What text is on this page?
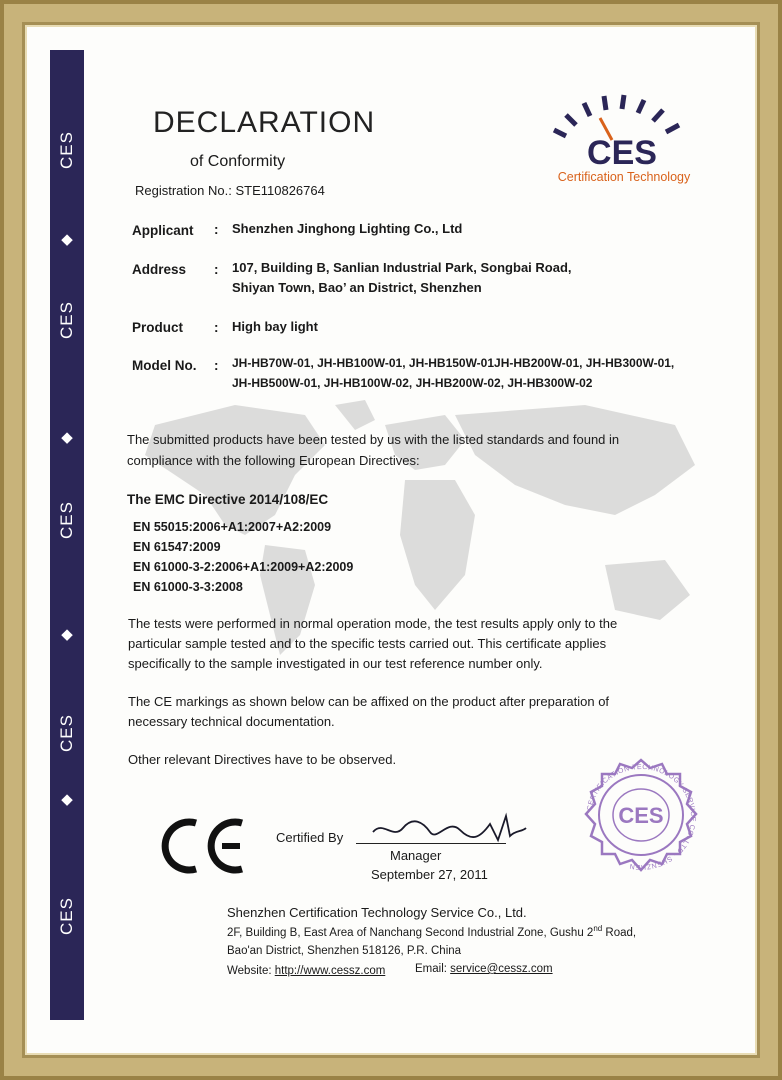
CES
◆
CES
◆
CES
◆
CES
◆
CES
DECLARATION
of Conformity
Registration No.: STE110826764
CES
Certification Technology
Applicant : Shenzhen Jinghong Lighting Co., Ltd
Address : 107, Building B, Sanlian Industrial Park, Songbai Road,
Shiyan Town, Bao’ an District, Shenzhen
Product : High bay light
Model No. : JH-HB70W-01, JH-HB100W-01, JH-HB150W-01JH-HB200W-01, JH-HB300W-01,
JH-HB500W-01, JH-HB100W-02, JH-HB200W-02, JH-HB300W-02
The submitted products have been tested by us with the listed standards and found in
compliance with the following European Directives:
The EMC Directive 2014/108/EC
EN 55015:2006+A1:2007+A2:2009
EN 61547:2009
EN 61000-3-2:2006+A1:2009+A2:2009
EN 61000-3-3:2008
The tests were performed in normal operation mode, the test results apply only to the
particular sample tested and to the specific tests carried out. This certificate applies
specifically to the sample investigated in our test reference number only.
The CE markings as shown below can be affixed on the product after preparation of
necessary technical documentation.
Other relevant Directives have to be observed.
Certified By
Manager
September 27, 2011
CERTIFICATION TECHNOLOGY SERVICE CO.,LTD · SHENZHEN
CES
Shenzhen Certification Technology Service Co., Ltd.
2F, Building B, East Area of Nanchang Second Industrial Zone, Gushu 2nd Road,
Bao'an District, Shenzhen 518126, P.R. China
Website: http://www.cessz.com	Email: service@cessz.com
